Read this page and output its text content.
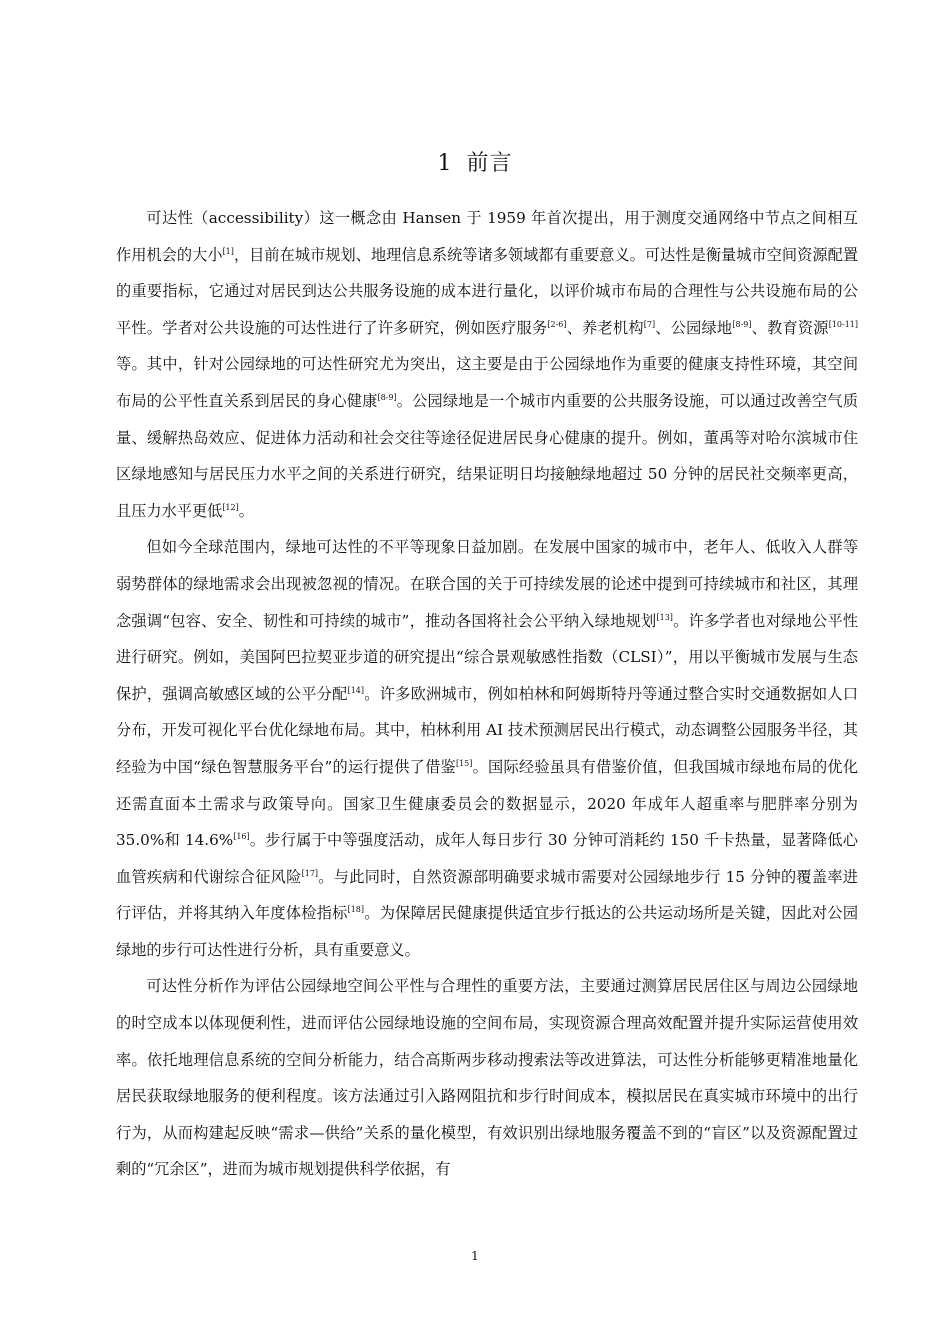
1 前言

可达性（accessibility）这一概念由 Hansen 于 1959 年首次提出，用于测度交通网络中节点之间相互作用机会的大小[1]，目前在城市规划、地理信息系统等诸多领域都有重要意义。可达性是衡量城市空间资源配置的重要指标，它通过对居民到达公共服务设施的成本进行量化，以评价城市布局的合理性与公共设施布局的公平性。学者对公共设施的可达性进行了许多研究，例如医疗服务[2-6]、养老机构[7]、公园绿地[8-9]、教育资源[10-11]等。其中，针对公园绿地的可达性研究尤为突出，这主要是由于公园绿地作为重要的健康支持性环境，其空间布局的公平性直关系到居民的身心健康[8-9]。公园绿地是一个城市内重要的公共服务设施，可以通过改善空气质量、缓解热岛效应、促进体力活动和社会交往等途径促进居民身心健康的提升。例如，董禹等对哈尔滨城市住区绿地感知与居民压力水平之间的关系进行研究，结果证明日均接触绿地超过 50 分钟的居民社交频率更高，且压力水平更低[12]。

但如今全球范围内，绿地可达性的不平等现象日益加剧。在发展中国家的城市中，老年人、低收入人群等弱势群体的绿地需求会出现被忽视的情况。在联合国的关于可持续发展的论述中提到可持续城市和社区，其理念强调“包容、安全、韧性和可持续的城市”，推动各国将社会公平纳入绿地规划[13]。许多学者也对绿地公平性进行研究。例如，美国阿巴拉契亚步道的研究提出“综合景观敏感性指数（CLSI）”，用以平衡城市发展与生态保护，强调高敏感区域的公平分配[14]。许多欧洲城市，例如柏林和阿姆斯特丹等通过整合实时交通数据如人口分布，开发可视化平台优化绿地布局。其中，柏林利用 AI 技术预测居民出行模式，动态调整公园服务半径，其经验为中国“绿色智慧服务平台”的运行提供了借鉴[15]。国际经验虽具有借鉴价值，但我国城市绿地布局的优化还需直面本土需求与政策导向。国家卫生健康委员会的数据显示，2020 年成年人超重率与肥胖率分别为 35.0%和 14.6%[16]。步行属于中等强度活动，成年人每日步行 30 分钟可消耗约 150 千卡热量，显著降低心血管疾病和代谢综合征风险[17]。与此同时，自然资源部明确要求城市需要对公园绿地步行 15 分钟的覆盖率进行评估，并将其纳入年度体检指标[18]。为保障居民健康提供适宜步行抵达的公共运动场所是关键，因此对公园绿地的步行可达性进行分析，具有重要意义。

可达性分析作为评估公园绿地空间公平性与合理性的重要方法，主要通过测算居民居住区与周边公园绿地的时空成本以体现便利性，进而评估公园绿地设施的空间布局，实现资源合理高效配置并提升实际运营使用效率。依托地理信息系统的空间分析能力，结合高斯两步移动搜索法等改进算法，可达性分析能够更精准地量化居民获取绿地服务的便利程度。该方法通过引入路网阻抗和步行时间成本，模拟居民在真实城市环境中的出行行为，从而构建起反映“需求—供给”关系的量化模型，有效识别出绿地服务覆盖不到的“盲区”以及资源配置过剩的“冗余区”，进而为城市规划提供科学依据，有

1
